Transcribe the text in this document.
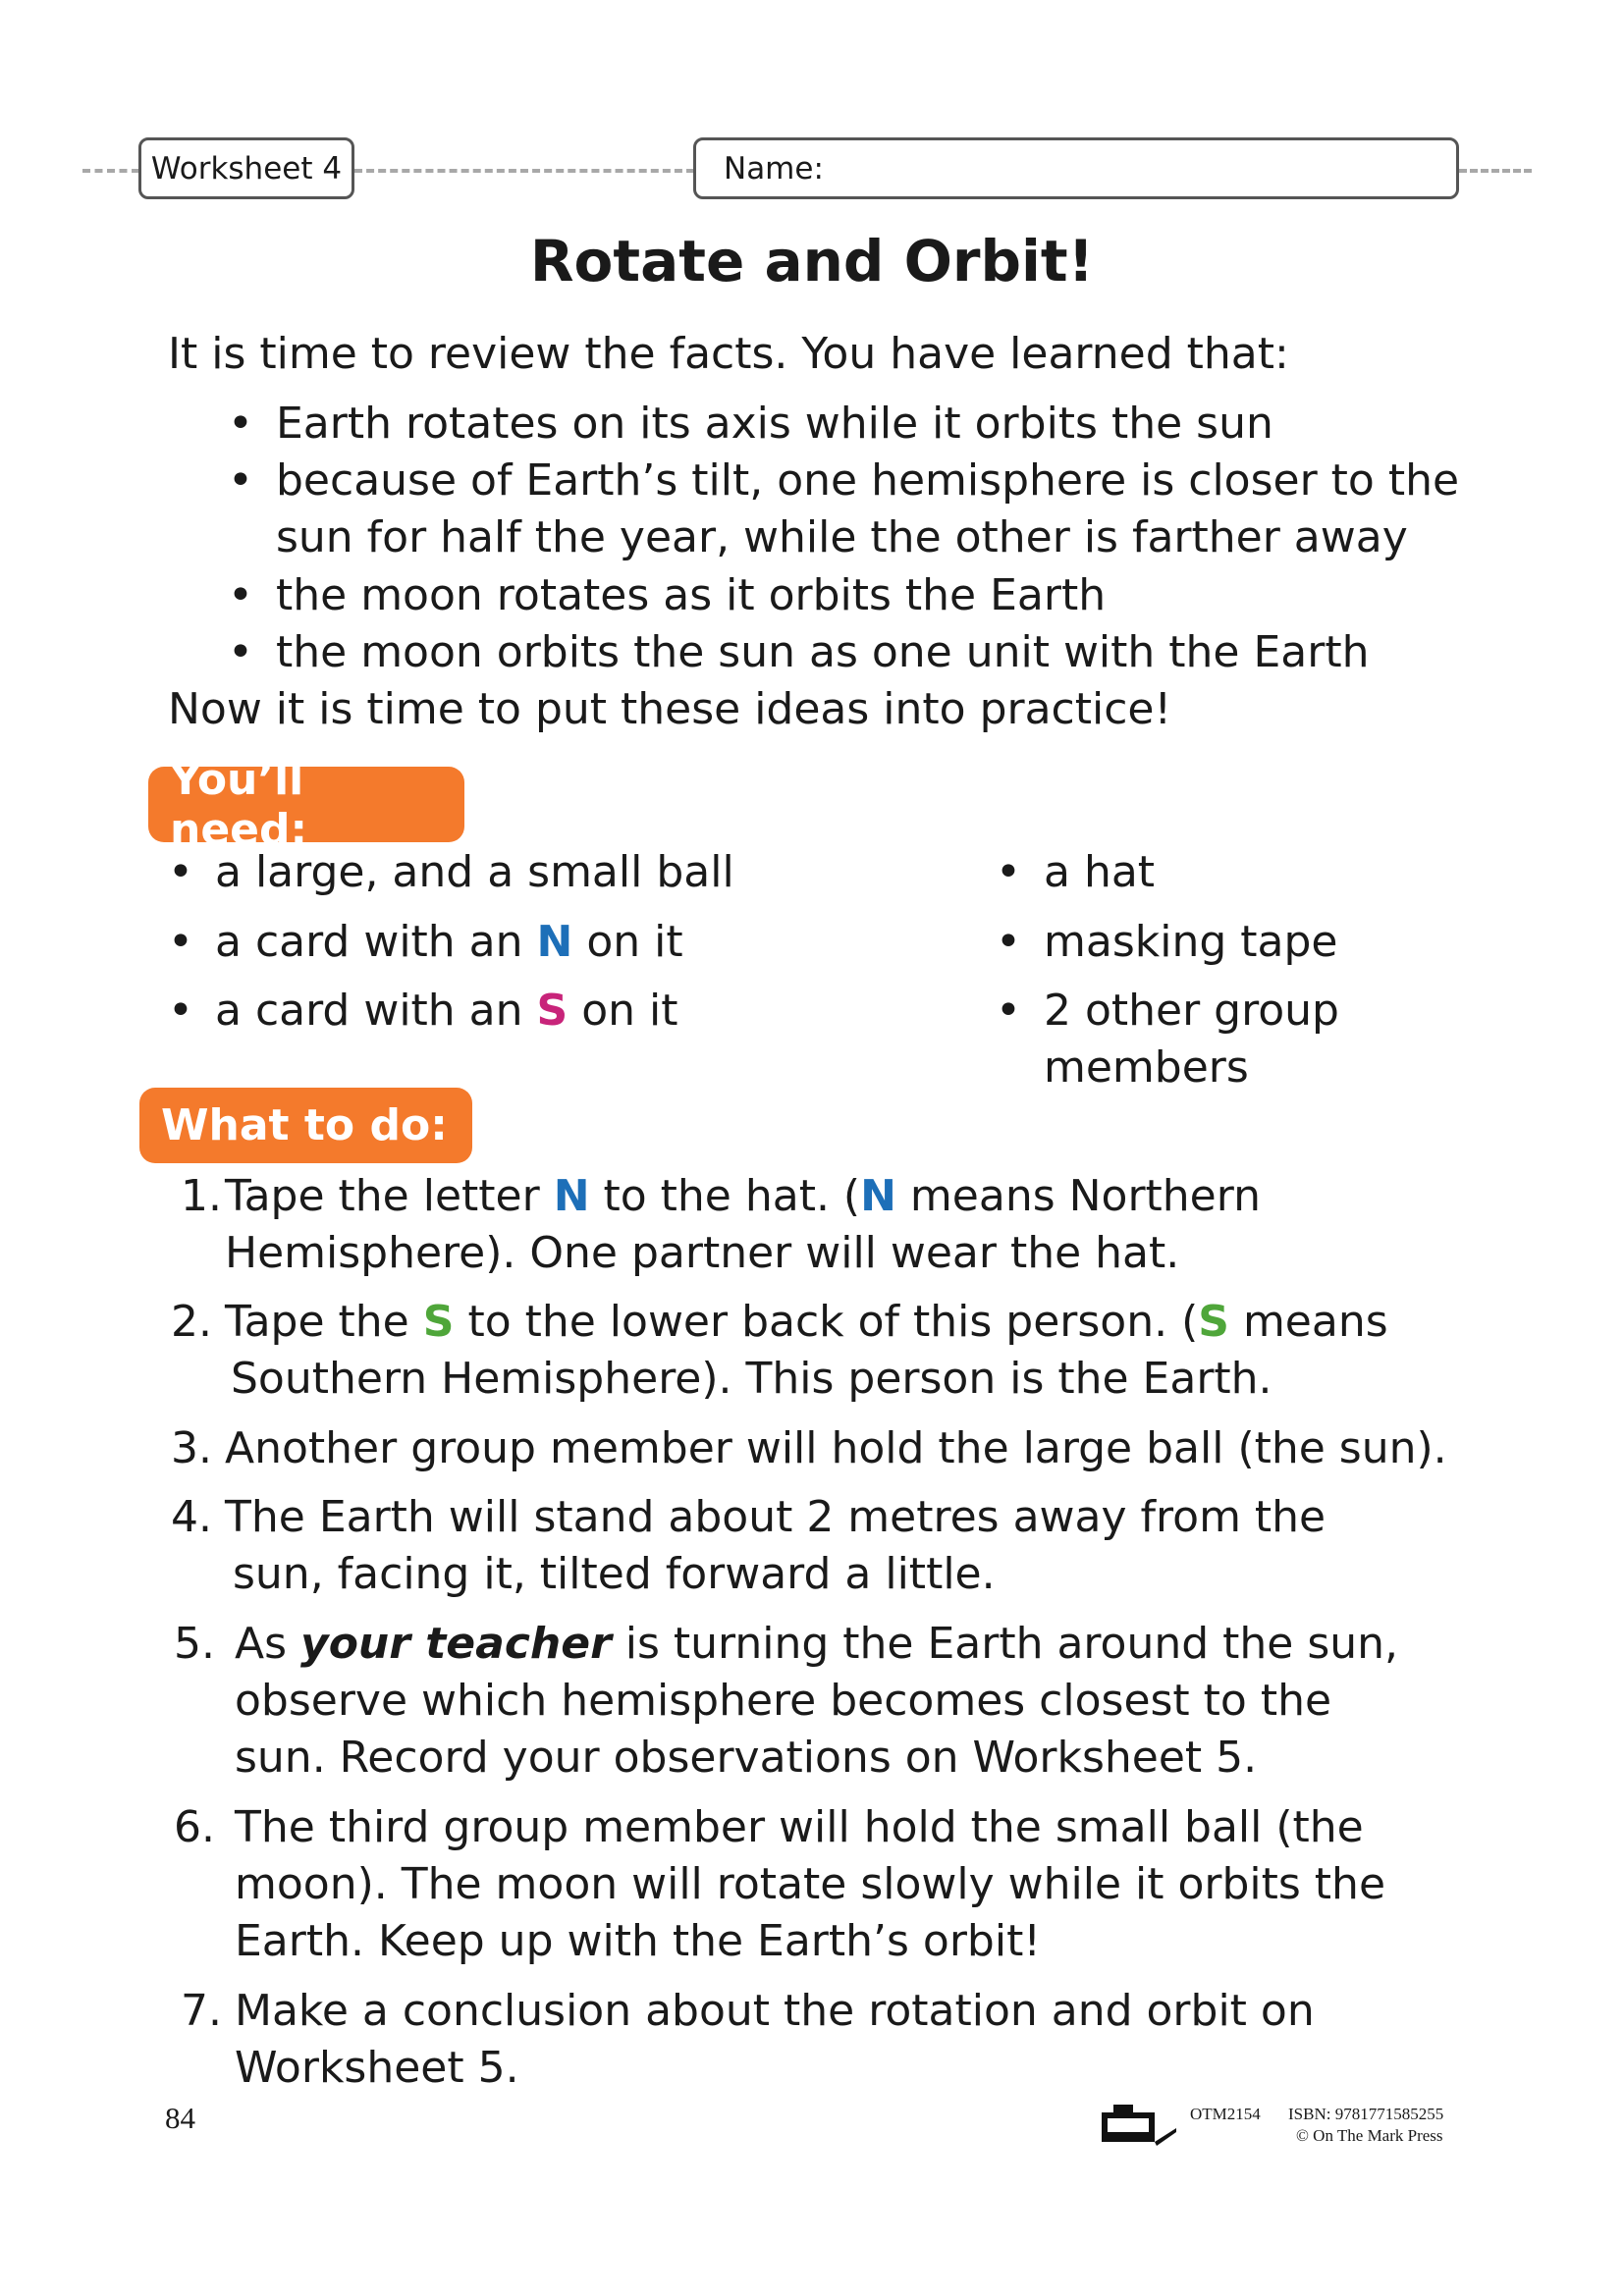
Worksheet 4	Name:
Rotate and Orbit!
It is time to review the facts. You have learned that:
• Earth rotates on its axis while it orbits the sun
• because of Earth’s tilt, one hemisphere is closer to the
sun for half the year, while the other is farther away
• the moon rotates as it orbits the Earth
• the moon orbits the sun as one unit with the Earth
Now it is time to put these ideas into practice!
You’ll need:
• a large, and a small ball
• a card with an N on it
• a card with an S on it
• a hat
• masking tape
• 2 other group
members
What to do:
1. Tape the letter N to the hat. (N means Northern
Hemisphere). One partner will wear the hat.
2. Tape the S to the lower back of this person. (S means
Southern Hemisphere). This person is the Earth.
3. Another group member will hold the large ball (the sun).
4. The Earth will stand about 2 metres away from the
sun, facing it, tilted forward a little.
5. As your teacher is turning the Earth around the sun,
observe which hemisphere becomes closest to the
sun. Record your observations on Worksheet 5.
6. The third group member will hold the small ball (the
moon). The moon will rotate slowly while it orbits the
Earth. Keep up with the Earth’s orbit!
7. Make a conclusion about the rotation and orbit on
Worksheet 5.
84	OTM2154 ISBN: 9781771585255
© On The Mark Press
